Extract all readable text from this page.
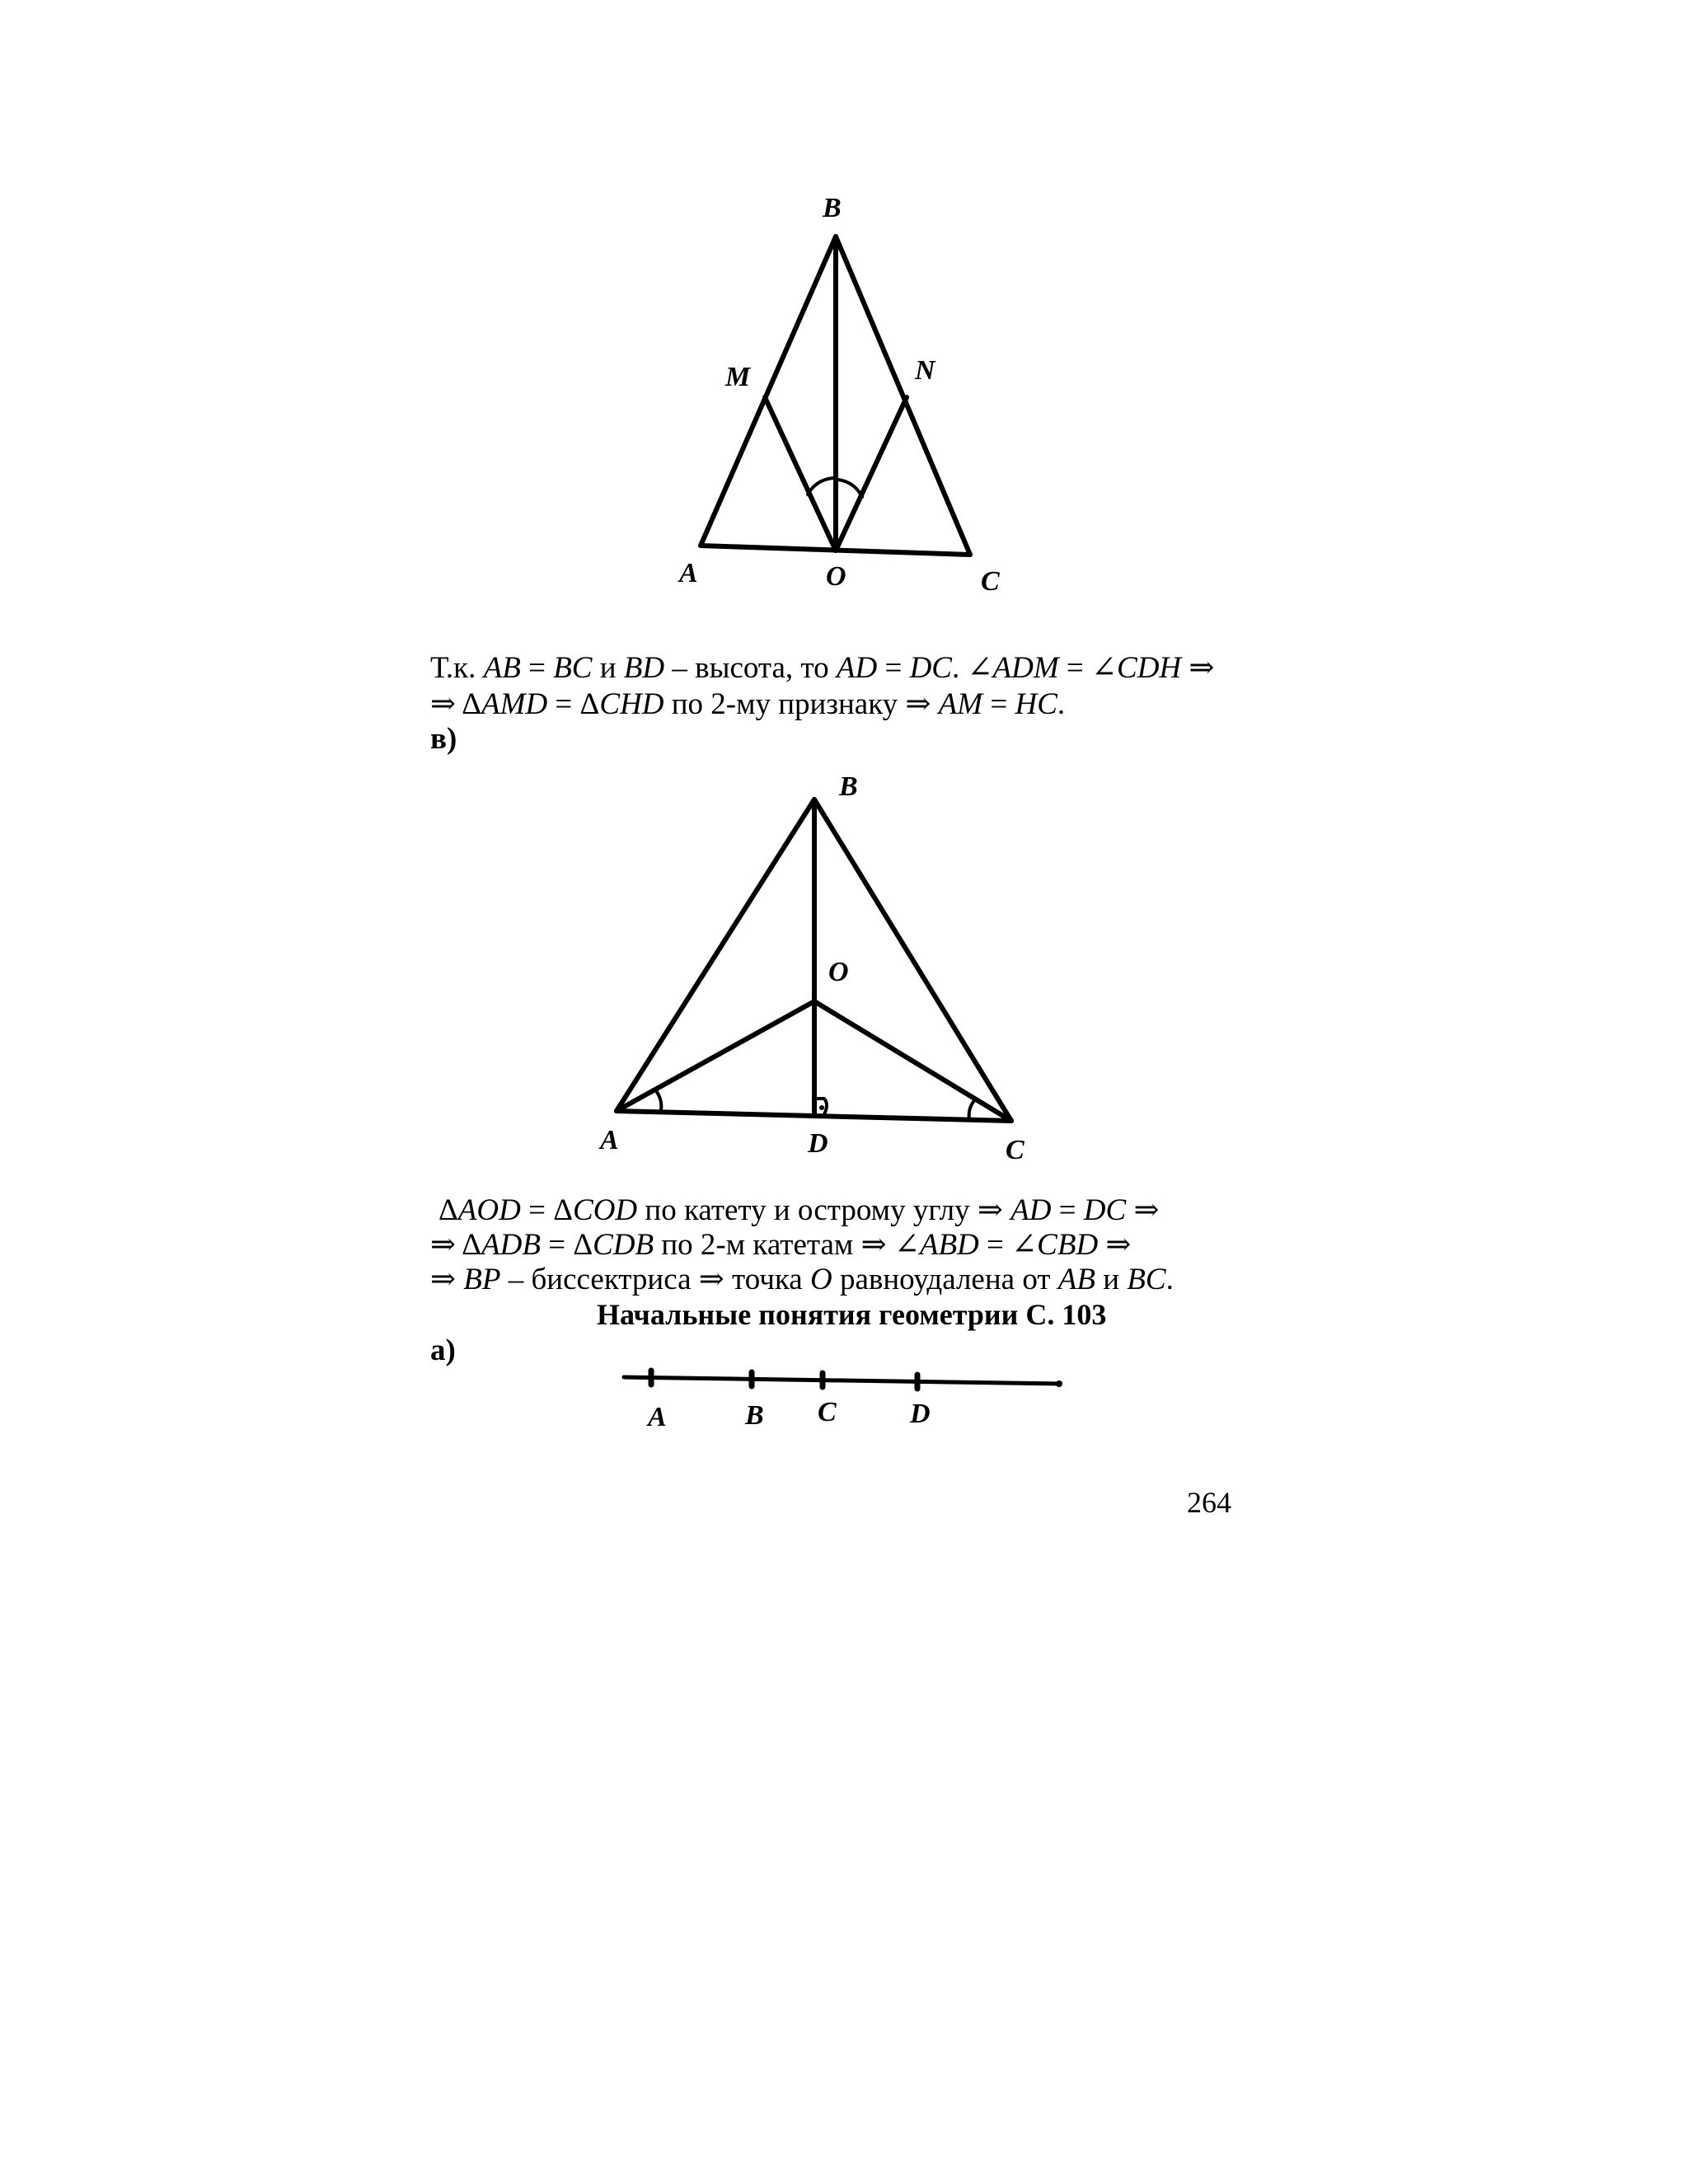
B
M	N
A	O	C
Т.к. AB = BC и BD – высота, то AD = DC. ∠ADM = ∠CDH ⇒
⇒ ΔAMD = ΔCHD по 2-му признаку ⇒ AM = HC.
в)
B
O
A	D	C
ΔAOD = ΔCOD по катету и острому углу ⇒ AD = DC ⇒
⇒ ΔADB = ΔCDB по 2-м катетам ⇒ ∠ABD = ∠CBD ⇒
⇒ BP – биссектриса ⇒ точка O равноудалена от AB и BC.
Начальные понятия геометрии С. 103
а)
A	B C	D
264
